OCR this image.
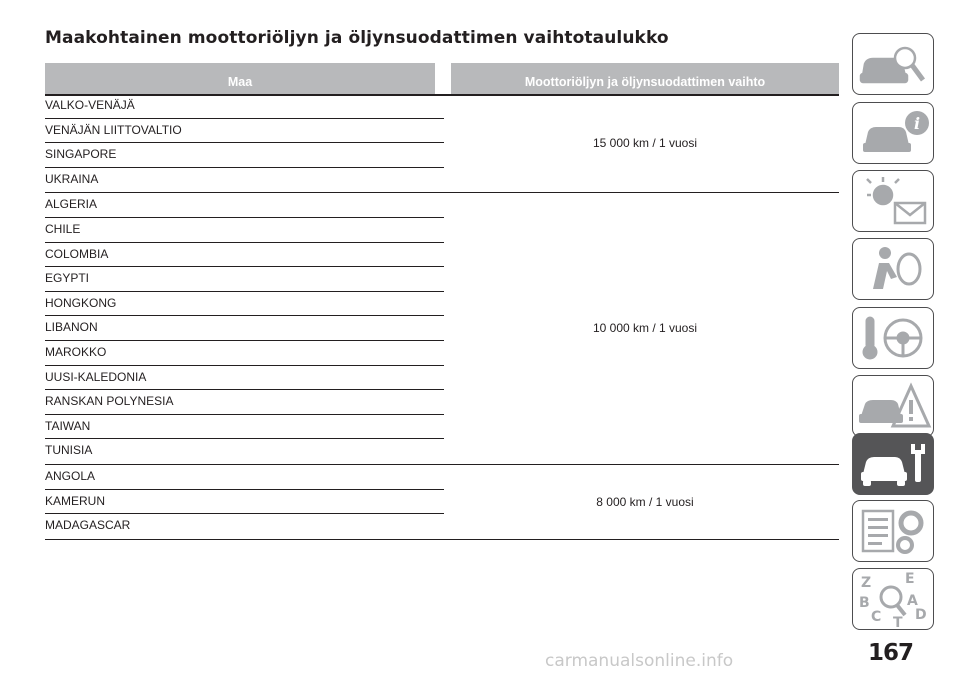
Maakohtainen moottoriöljyn ja öljynsuodattimen vaihtotaulukko
Maa	Moottoriöljyn ja öljynsuodattimen vaihto
VALKO-VENÄJÄ
VENÄJÄN LIITTOVALTIO
SINGAPORE
UKRAINA
15 000 km / 1 vuosi
ALGERIA
CHILE
COLOMBIA
EGYPTI
HONGKONG
LIBANON
MAROKKO
UUSI-KALEDONIA
RANSKAN POLYNESIA
TAIWAN
TUNISIA
10 000 km / 1 vuosi
ANGOLA
KAMERUN
MADAGASCAR
8 000 km / 1 vuosi
i
Z E
B	A
C D
T
167
carmanualsonline.info
